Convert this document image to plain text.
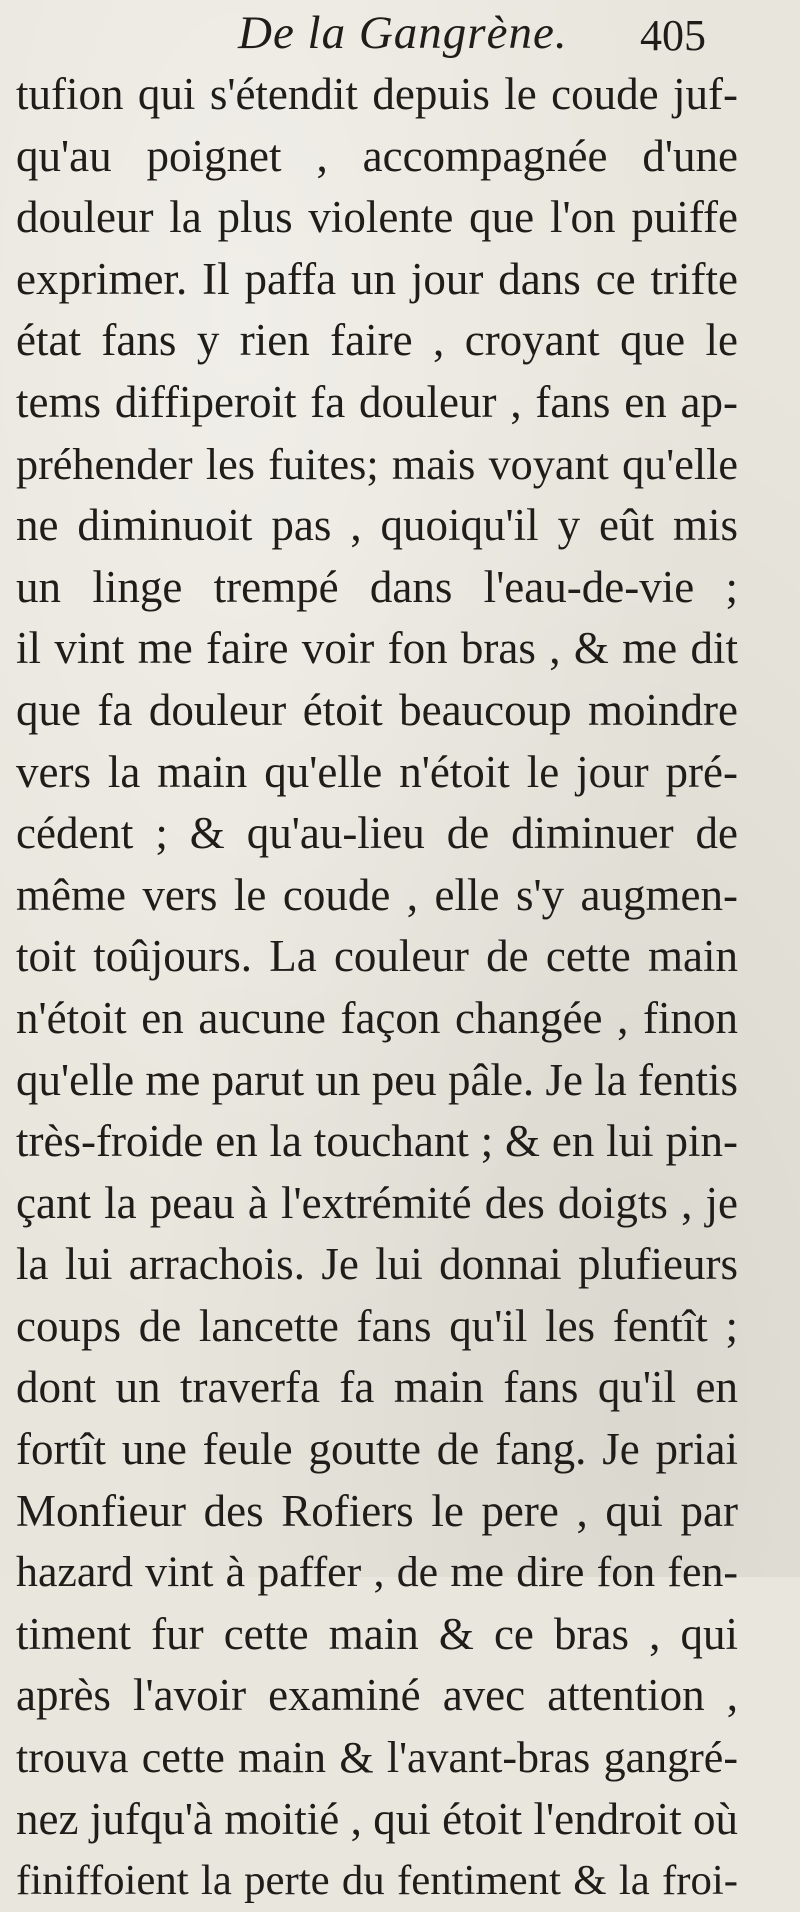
De la Gangrène. 405
tufion qui s'étendit depuis le coude juf-
qu'au poignet , accompagnée d'une
douleur la plus violente que l'on puiffe
exprimer. Il paffa un jour dans ce trifte
état fans y rien faire , croyant que le
tems diffiperoit fa douleur , fans en ap-
préhender les fuites; mais voyant qu'elle
ne diminuoit pas , quoiqu'il y eût mis
un linge trempé dans l'eau-de-vie ;
il vint me faire voir fon bras , & me dit
que fa douleur étoit beaucoup moindre
vers la main qu'elle n'étoit le jour pré-
cédent ; & qu'au-lieu de diminuer de
même vers le coude , elle s'y augmen-
toit toûjours. La couleur de cette main
n'étoit en aucune façon changée , finon
qu'elle me parut un peu pâle. Je la fentis
très-froide en la touchant ; & en lui pin-
çant la peau à l'extrémité des doigts , je
la lui arrachois. Je lui donnai plufieurs
coups de lancette fans qu'il les fentît ;
dont un traverfa fa main fans qu'il en
fortît une feule goutte de fang. Je priai
Monfieur des Rofiers le pere , qui par
hazard vint à paffer , de me dire fon fen-
timent fur cette main & ce bras , qui
après l'avoir examiné avec attention ,
trouva cette main & l'avant-bras gangré-
nez jufqu'à moitié , qui étoit l'endroit où
finiffoient la perte du fentiment & la froi-
